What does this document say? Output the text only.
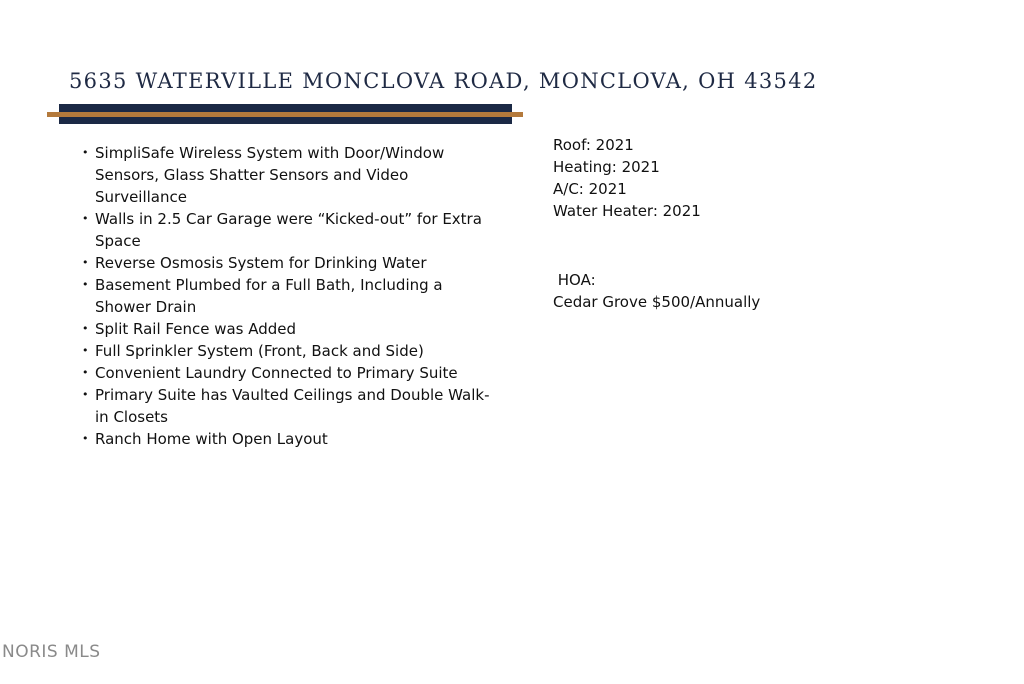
5635 WATERVILLE MONCLOVA ROAD, MONCLOVA, OH 43542
• SimpliSafe Wireless System with Door/Window Sensors, Glass Shatter Sensors and Video Surveillance
• Walls in 2.5 Car Garage were “Kicked-out” for Extra Space
• Reverse Osmosis System for Drinking Water
• Basement Plumbed for a Full Bath, Including a Shower Drain
• Split Rail Fence was Added
• Full Sprinkler System (Front, Back and Side)
• Convenient Laundry Connected to Primary Suite
• Primary Suite has Vaulted Ceilings and Double Walk-in Closets
• Ranch Home with Open Layout

Roof: 2021

Heating: 2021

A/C: 2021

Water Heater: 2021

HOA:

Cedar Grove $500/Annually

NORIS MLS
